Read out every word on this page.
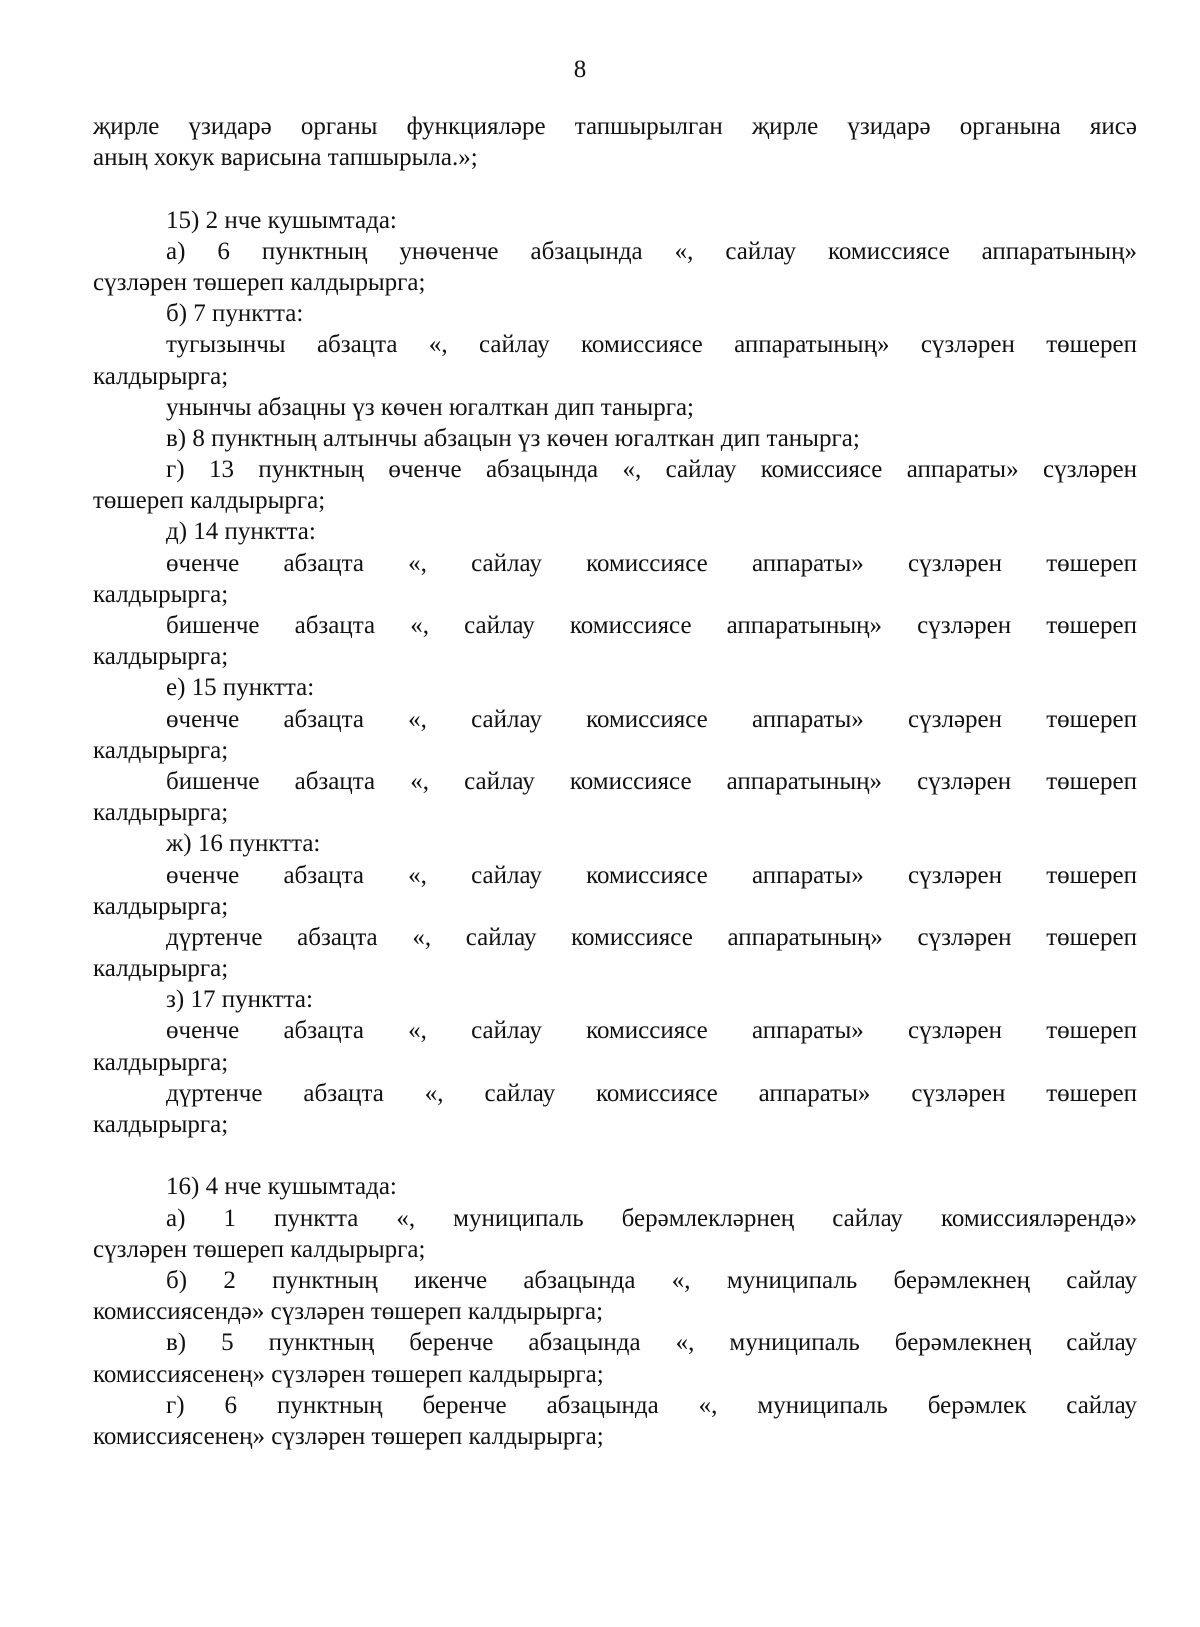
8
җирле үзидарә органы функцияләре тапшырылган җирле үзидарә органына яисә
аның хокук варисына тапшырыла.»;
15) 2 нче кушымтада:
а) 6 пунктның унөченче абзацында «, сайлау комиссиясе аппаратының»
сүзләрен төшереп калдырырга;
б) 7 пунктта:
тугызынчы абзацта «, сайлау комиссиясе аппаратының» сүзләрен төшереп
калдырырга;
унынчы абзацны үз көчен югалткан дип танырга;
в) 8 пунктның алтынчы абзацын үз көчен югалткан дип танырга;
г) 13 пунктның өченче абзацында «, сайлау комиссиясе аппараты» сүзләрен
төшереп калдырырга;
д) 14 пунктта:
өченче абзацта «, сайлау комиссиясе аппараты» сүзләрен төшереп
калдырырга;
бишенче абзацта «, сайлау комиссиясе аппаратының» сүзләрен төшереп
калдырырга;
е) 15 пунктта:
өченче абзацта «, сайлау комиссиясе аппараты» сүзләрен төшереп
калдырырга;
бишенче абзацта «, сайлау комиссиясе аппаратының» сүзләрен төшереп
калдырырга;
ж) 16 пунктта:
өченче абзацта «, сайлау комиссиясе аппараты» сүзләрен төшереп
калдырырга;
дүртенче абзацта «, сайлау комиссиясе аппаратының» сүзләрен төшереп
калдырырга;
з) 17 пунктта:
өченче абзацта «, сайлау комиссиясе аппараты» сүзләрен төшереп
калдырырга;
дүртенче абзацта «, сайлау комиссиясе аппараты» сүзләрен төшереп
калдырырга;
16) 4 нче кушымтада:
а) 1 пунктта «, муниципаль берәмлекләрнең сайлау комиссияләрендә»
сүзләрен төшереп калдырырга;
б) 2 пунктның икенче абзацында «, муниципаль берәмлекнең сайлау
комиссиясендә» сүзләрен төшереп калдырырга;
в) 5 пунктның беренче абзацында «, муниципаль берәмлекнең сайлау
комиссиясенең» сүзләрен төшереп калдырырга;
г) 6 пунктның беренче абзацында «, муниципаль берәмлек сайлау
комиссиясенең» сүзләрен төшереп калдырырга;
